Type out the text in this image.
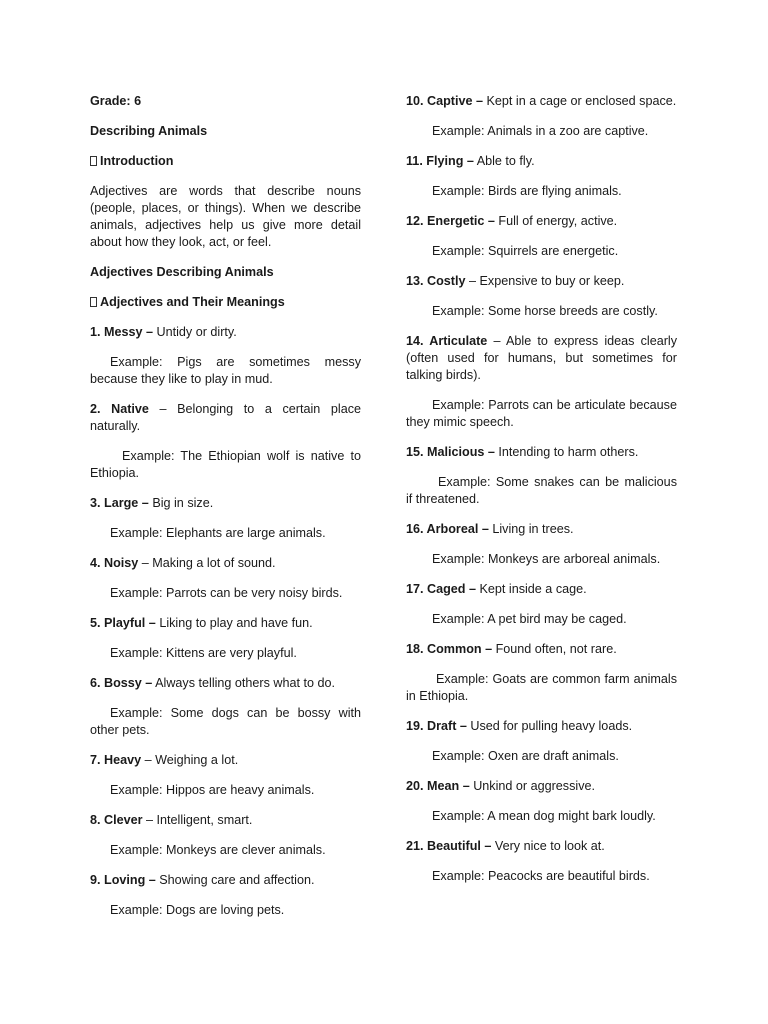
Grade: 6

Describing Animals

Introduction

Adjectives are words that describe nouns (people, places, or things). When we describe animals, adjectives help us give more detail about how they look, act, or feel.

Adjectives Describing Animals

Adjectives and Their Meanings

1. Messy – Untidy or dirty.

Example: Pigs are sometimes messy because they like to play in mud.

2. Native – Belonging to a certain place naturally.

Example: The Ethiopian wolf is native to Ethiopia.

3. Large – Big in size.

Example: Elephants are large animals.

4. Noisy – Making a lot of sound.

Example: Parrots can be very noisy birds.

5. Playful – Liking to play and have fun.

Example: Kittens are very playful.

6. Bossy – Always telling others what to do.

Example: Some dogs can be bossy with other pets.

7. Heavy – Weighing a lot.

Example: Hippos are heavy animals.

8. Clever – Intelligent, smart.

Example: Monkeys are clever animals.

9. Loving – Showing care and affection.

Example: Dogs are loving pets.

10. Captive – Kept in a cage or enclosed space.

Example: Animals in a zoo are captive.

11. Flying – Able to fly.

Example: Birds are flying animals.

12. Energetic – Full of energy, active.

Example: Squirrels are energetic.

13. Costly – Expensive to buy or keep.

Example: Some horse breeds are costly.

14. Articulate – Able to express ideas clearly (often used for humans, but sometimes for talking birds).

Example: Parrots can be articulate because they mimic speech.

15. Malicious – Intending to harm others.

Example: Some snakes can be malicious if threatened.

16. Arboreal – Living in trees.

Example: Monkeys are arboreal animals.

17. Caged – Kept inside a cage.

Example: A pet bird may be caged.

18. Common – Found often, not rare.

Example: Goats are common farm animals in Ethiopia.

19. Draft – Used for pulling heavy loads.

Example: Oxen are draft animals.

20. Mean – Unkind or aggressive.

Example: A mean dog might bark loudly.

21. Beautiful – Very nice to look at.

Example: Peacocks are beautiful birds.
